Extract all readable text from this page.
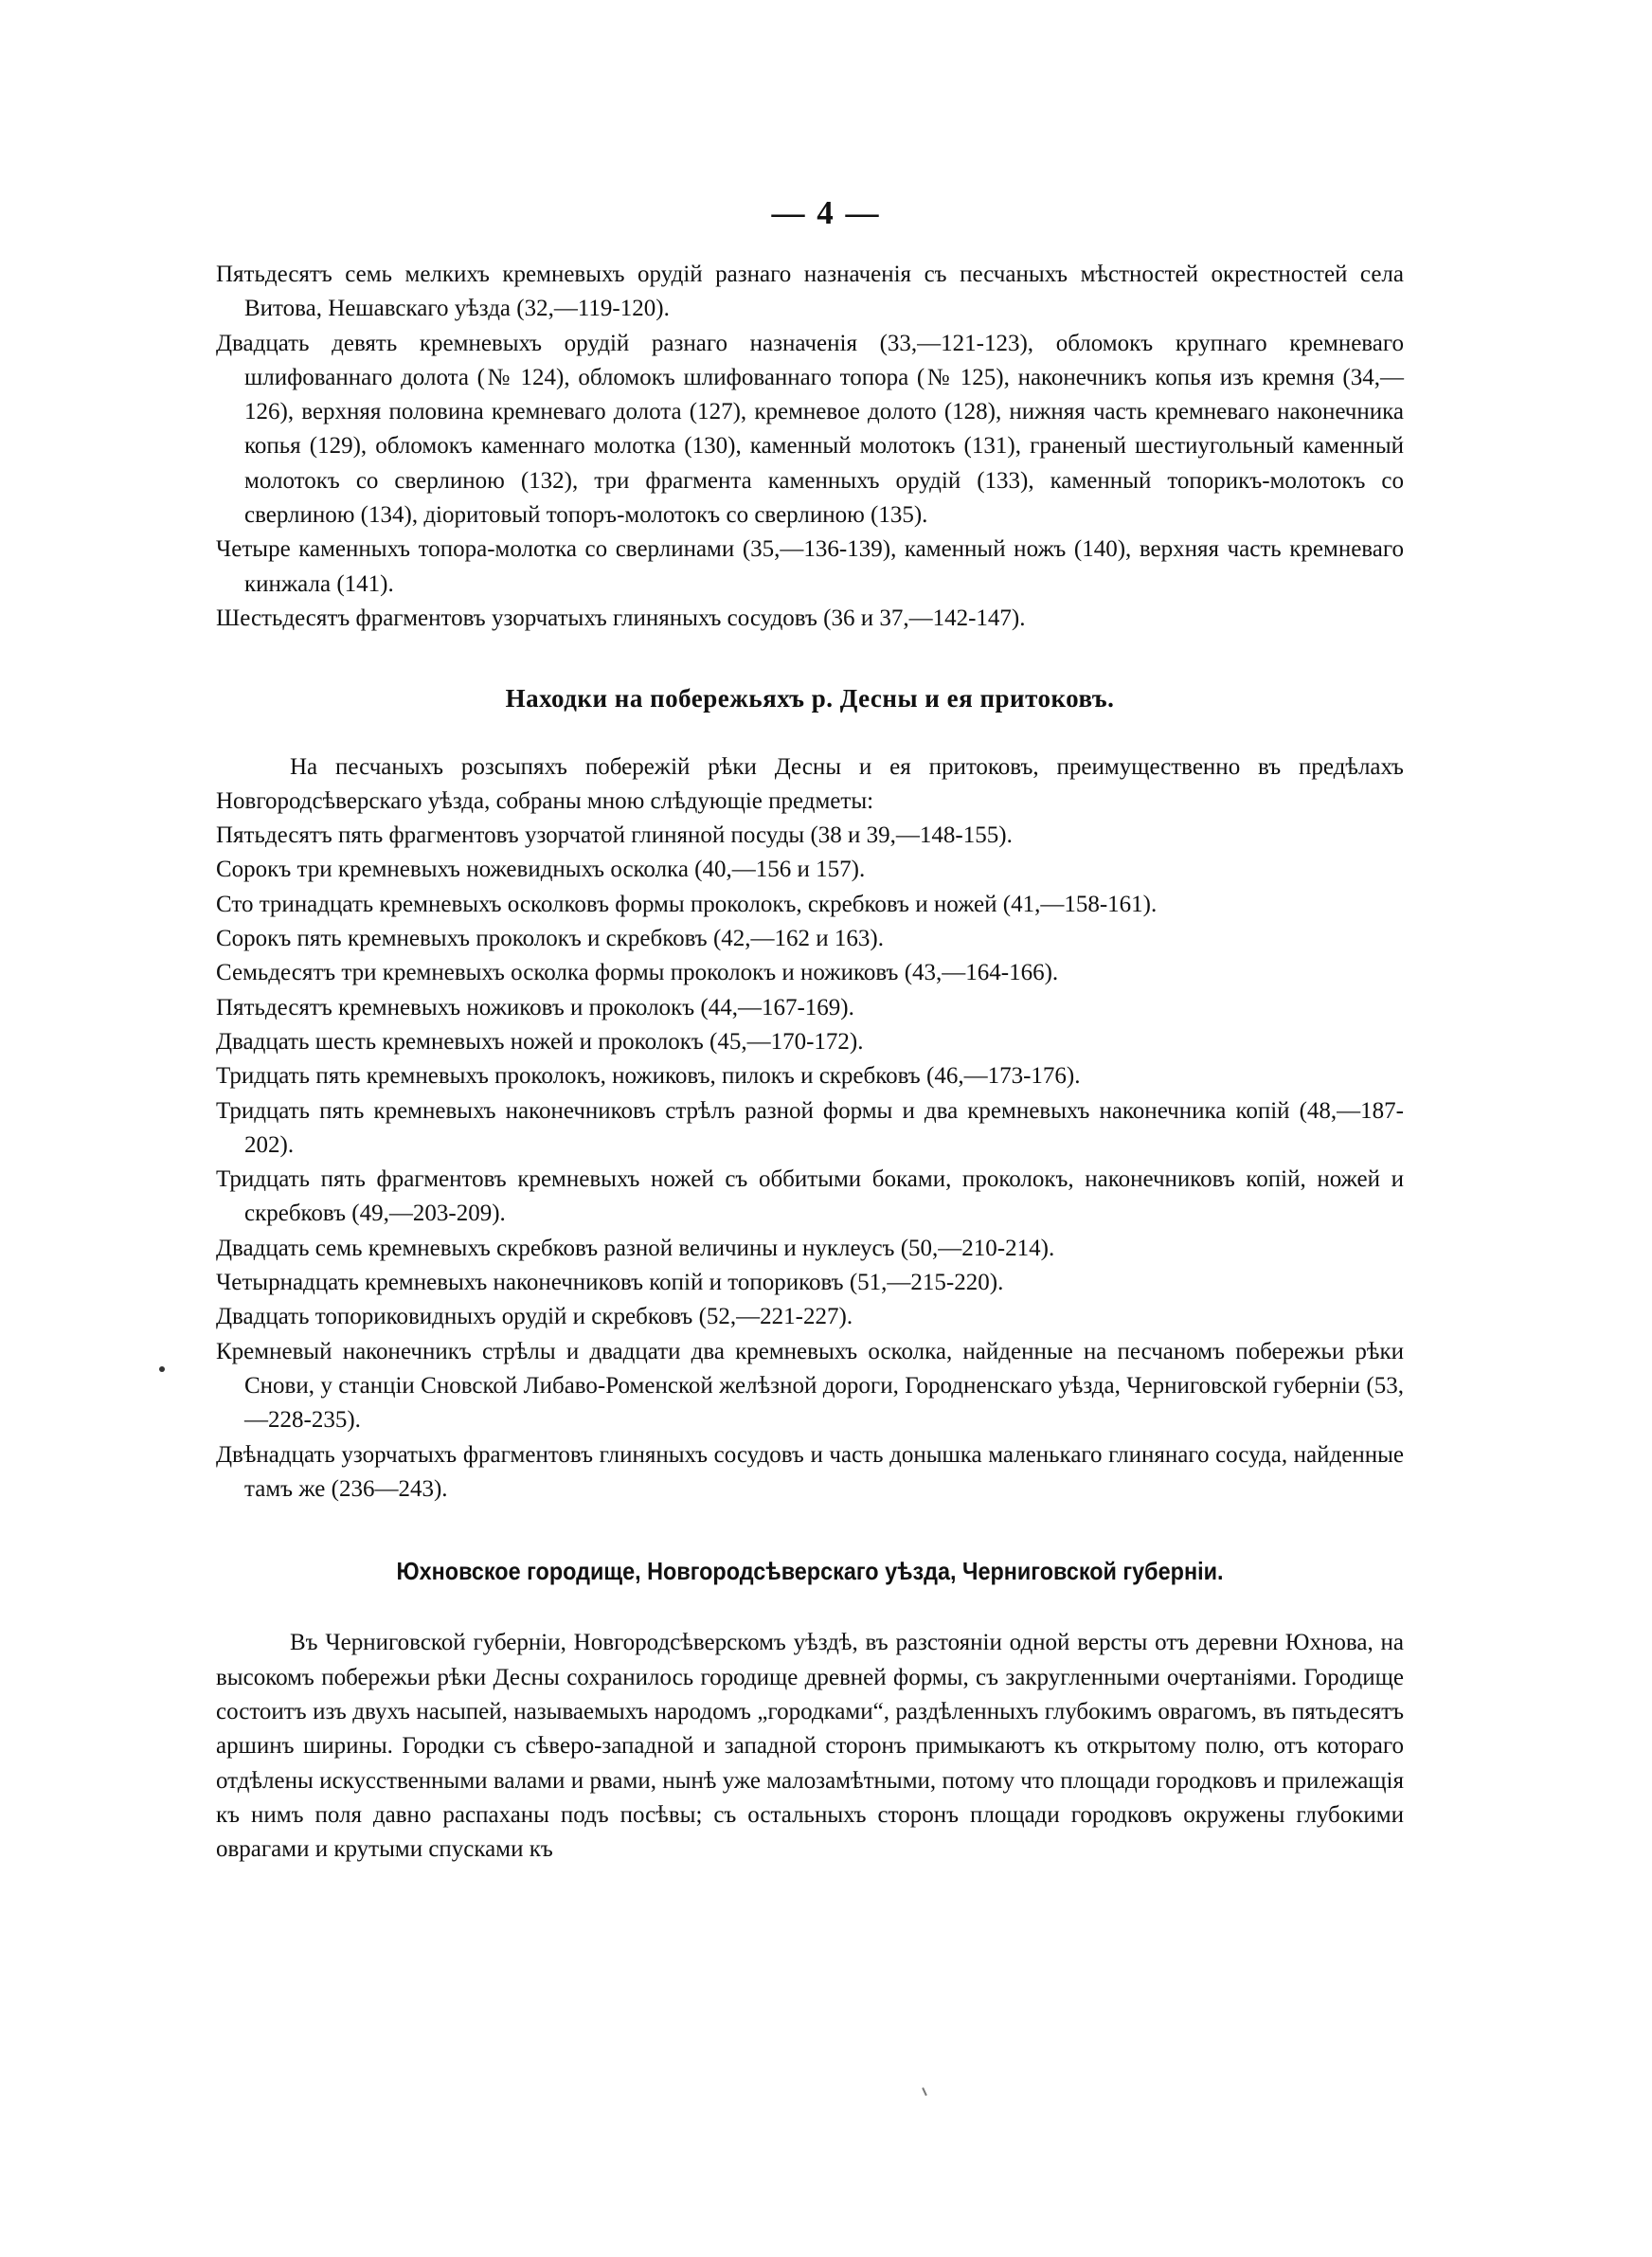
— 4 —

Пятьдесятъ семь мелкихъ кремневыхъ орудій разнаго назначенія съ песчаныхъ мѣстностей окрестностей села Витова, Нешавскаго уѣзда (32,—119-120).

Двадцать девять кремневыхъ орудій разнаго назначенія (33,—121-123), обломокъ крупнаго кремневаго шлифованнаго долота (№ 124), обломокъ шлифованнаго топора (№ 125), наконечникъ копья изъ кремня (34,—126), верхняя половина кремневаго долота (127), кремневое долото (128), нижняя часть кремневаго наконечника копья (129), обломокъ каменнаго молотка (130), каменный молотокъ (131), граненый шестиугольный каменный молотокъ со сверлиною (132), три фрагмента каменныхъ орудій (133), каменный топорикъ-молотокъ со сверлиною (134), діоритовый топоръ-молотокъ со сверлиною (135).

Четыре каменныхъ топора-молотка со сверлинами (35,—136-139), каменный ножъ (140), верхняя часть кремневаго кинжала (141).

Шестьдесятъ фрагментовъ узорчатыхъ глиняныхъ сосудовъ (36 и 37,—142-147).

Находки на побережьяхъ р. Десны и ея притоковъ.

На песчаныхъ розсыпяхъ побережій рѣки Десны и ея притоковъ, преимущественно въ предѣлахъ Новгородсѣверскаго уѣзда, собраны мною слѣдующіе предметы:

Пятьдесятъ пять фрагментовъ узорчатой глиняной посуды (38 и 39,—148-155).

Сорокъ три кремневыхъ ножевидныхъ осколка (40,—156 и 157).

Сто тринадцать кремневыхъ осколковъ формы проколокъ, скребковъ и ножей (41,—158-161).

Сорокъ пять кремневыхъ проколокъ и скребковъ (42,—162 и 163).

Семьдесятъ три кремневыхъ осколка формы проколокъ и ножиковъ (43,—164-166).

Пятьдесятъ кремневыхъ ножиковъ и проколокъ (44,—167-169).

Двадцать шесть кремневыхъ ножей и проколокъ (45,—170-172).

Тридцать пять кремневыхъ проколокъ, ножиковъ, пилокъ и скребковъ (46,—173-176).

Тридцать пять кремневыхъ наконечниковъ стрѣлъ разной формы и два кремневыхъ наконечника копій (48,—187-202).

Тридцать пять фрагментовъ кремневыхъ ножей съ оббитыми боками, проколокъ, наконечниковъ копій, ножей и скребковъ (49,—203-209).

Двадцать семь кремневыхъ скребковъ разной величины и нуклеусъ (50,—210-214).

Четырнадцать кремневыхъ наконечниковъ копій и топориковъ (51,—215-220).

Двадцать топориковидныхъ орудій и скребковъ (52,—221-227).

Кремневый наконечникъ стрѣлы и двадцати два кремневыхъ осколка, найденные на песчаномъ побережьи рѣки Снови, у станціи Сновской Либаво-Роменской желѣзной дороги, Городненскаго уѣзда, Черниговской губерніи (53,—228-235).

Двѣнадцать узорчатыхъ фрагментовъ глиняныхъ сосудовъ и часть донышка маленькаго глинянаго сосуда, найденные тамъ же (236—243).

Юхновское городище, Новгородсѣверскаго уѣзда, Черниговской губерніи.

Въ Черниговской губерніи, Новгородсѣверскомъ уѣздѣ, въ разстояніи одной версты отъ деревни Юхнова, на высокомъ побережьи рѣки Десны сохранилось городище древней формы, съ закругленными очертаніями. Городище состоитъ изъ двухъ насыпей, называемыхъ народомъ „городками“, раздѣленныхъ глубокимъ оврагомъ, въ пятьдесятъ аршинъ ширины. Городки съ сѣверо-западной и западной сторонъ примыкаютъ къ открытому полю, отъ котораго отдѣлены искусственными валами и рвами, нынѣ уже малозамѣтными, потому что площади городковъ и прилежащія къ нимъ поля давно распаханы подъ посѣвы; съ остальныхъ сторонъ площади городковъ окружены глубокими оврагами и крутыми спусками къ
